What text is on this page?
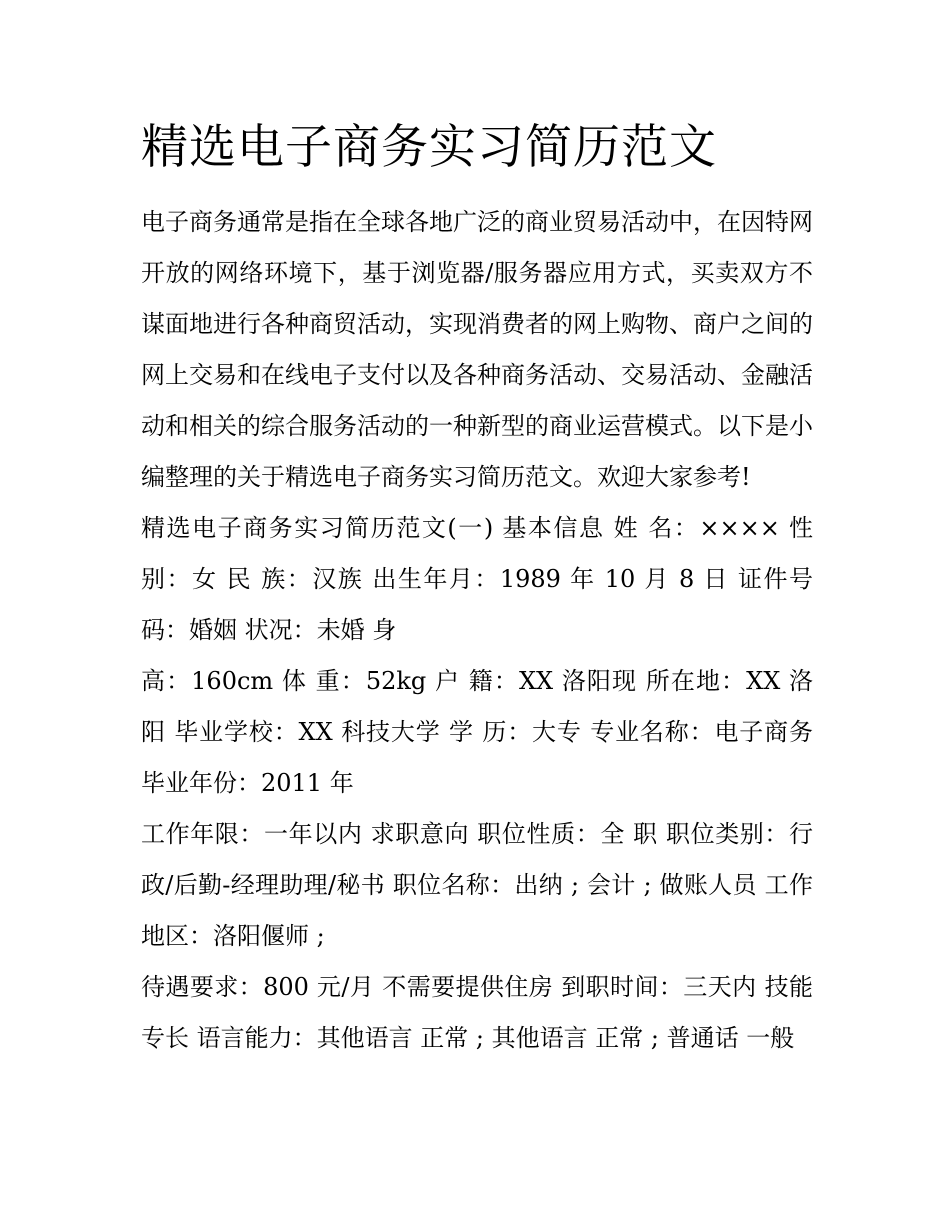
精选电子商务实习简历范文

电子商务通常是指在全球各地广泛的商业贸易活动中，在因特网开放的网络环境下，基于浏览器/服务器应用方式，买卖双方不谋面地进行各种商贸活动，实现消费者的网上购物、商户之间的网上交易和在线电子支付以及各种商务活动、交易活动、金融活动和相关的综合服务活动的一种新型的商业运营模式。以下是小编整理的关于精选电子商务实习简历范文。欢迎大家参考!

精选电子商务实习简历范文(一) 基本信息 姓 名：×××× 性别：女 民 族：汉族 出生年月：1989 年 10 月 8 日 证件号码：婚姻 状况：未婚 身

高：160cm 体 重：52kg 户 籍：XX 洛阳现 所在地：XX 洛阳 毕业学校：XX 科技大学 学 历：大专 专业名称：电子商务 毕业年份：2011 年

工作年限：一年以内 求职意向 职位性质：全 职 职位类别：行政/后勤-经理助理/秘书 职位名称：出纳 ; 会计 ; 做账人员 工作地区：洛阳偃师 ;

待遇要求：800 元/月 不需要提供住房 到职时间：三天内 技能专长 语言能力：其他语言 正常 ; 其他语言 正常 ; 普通话 一般
